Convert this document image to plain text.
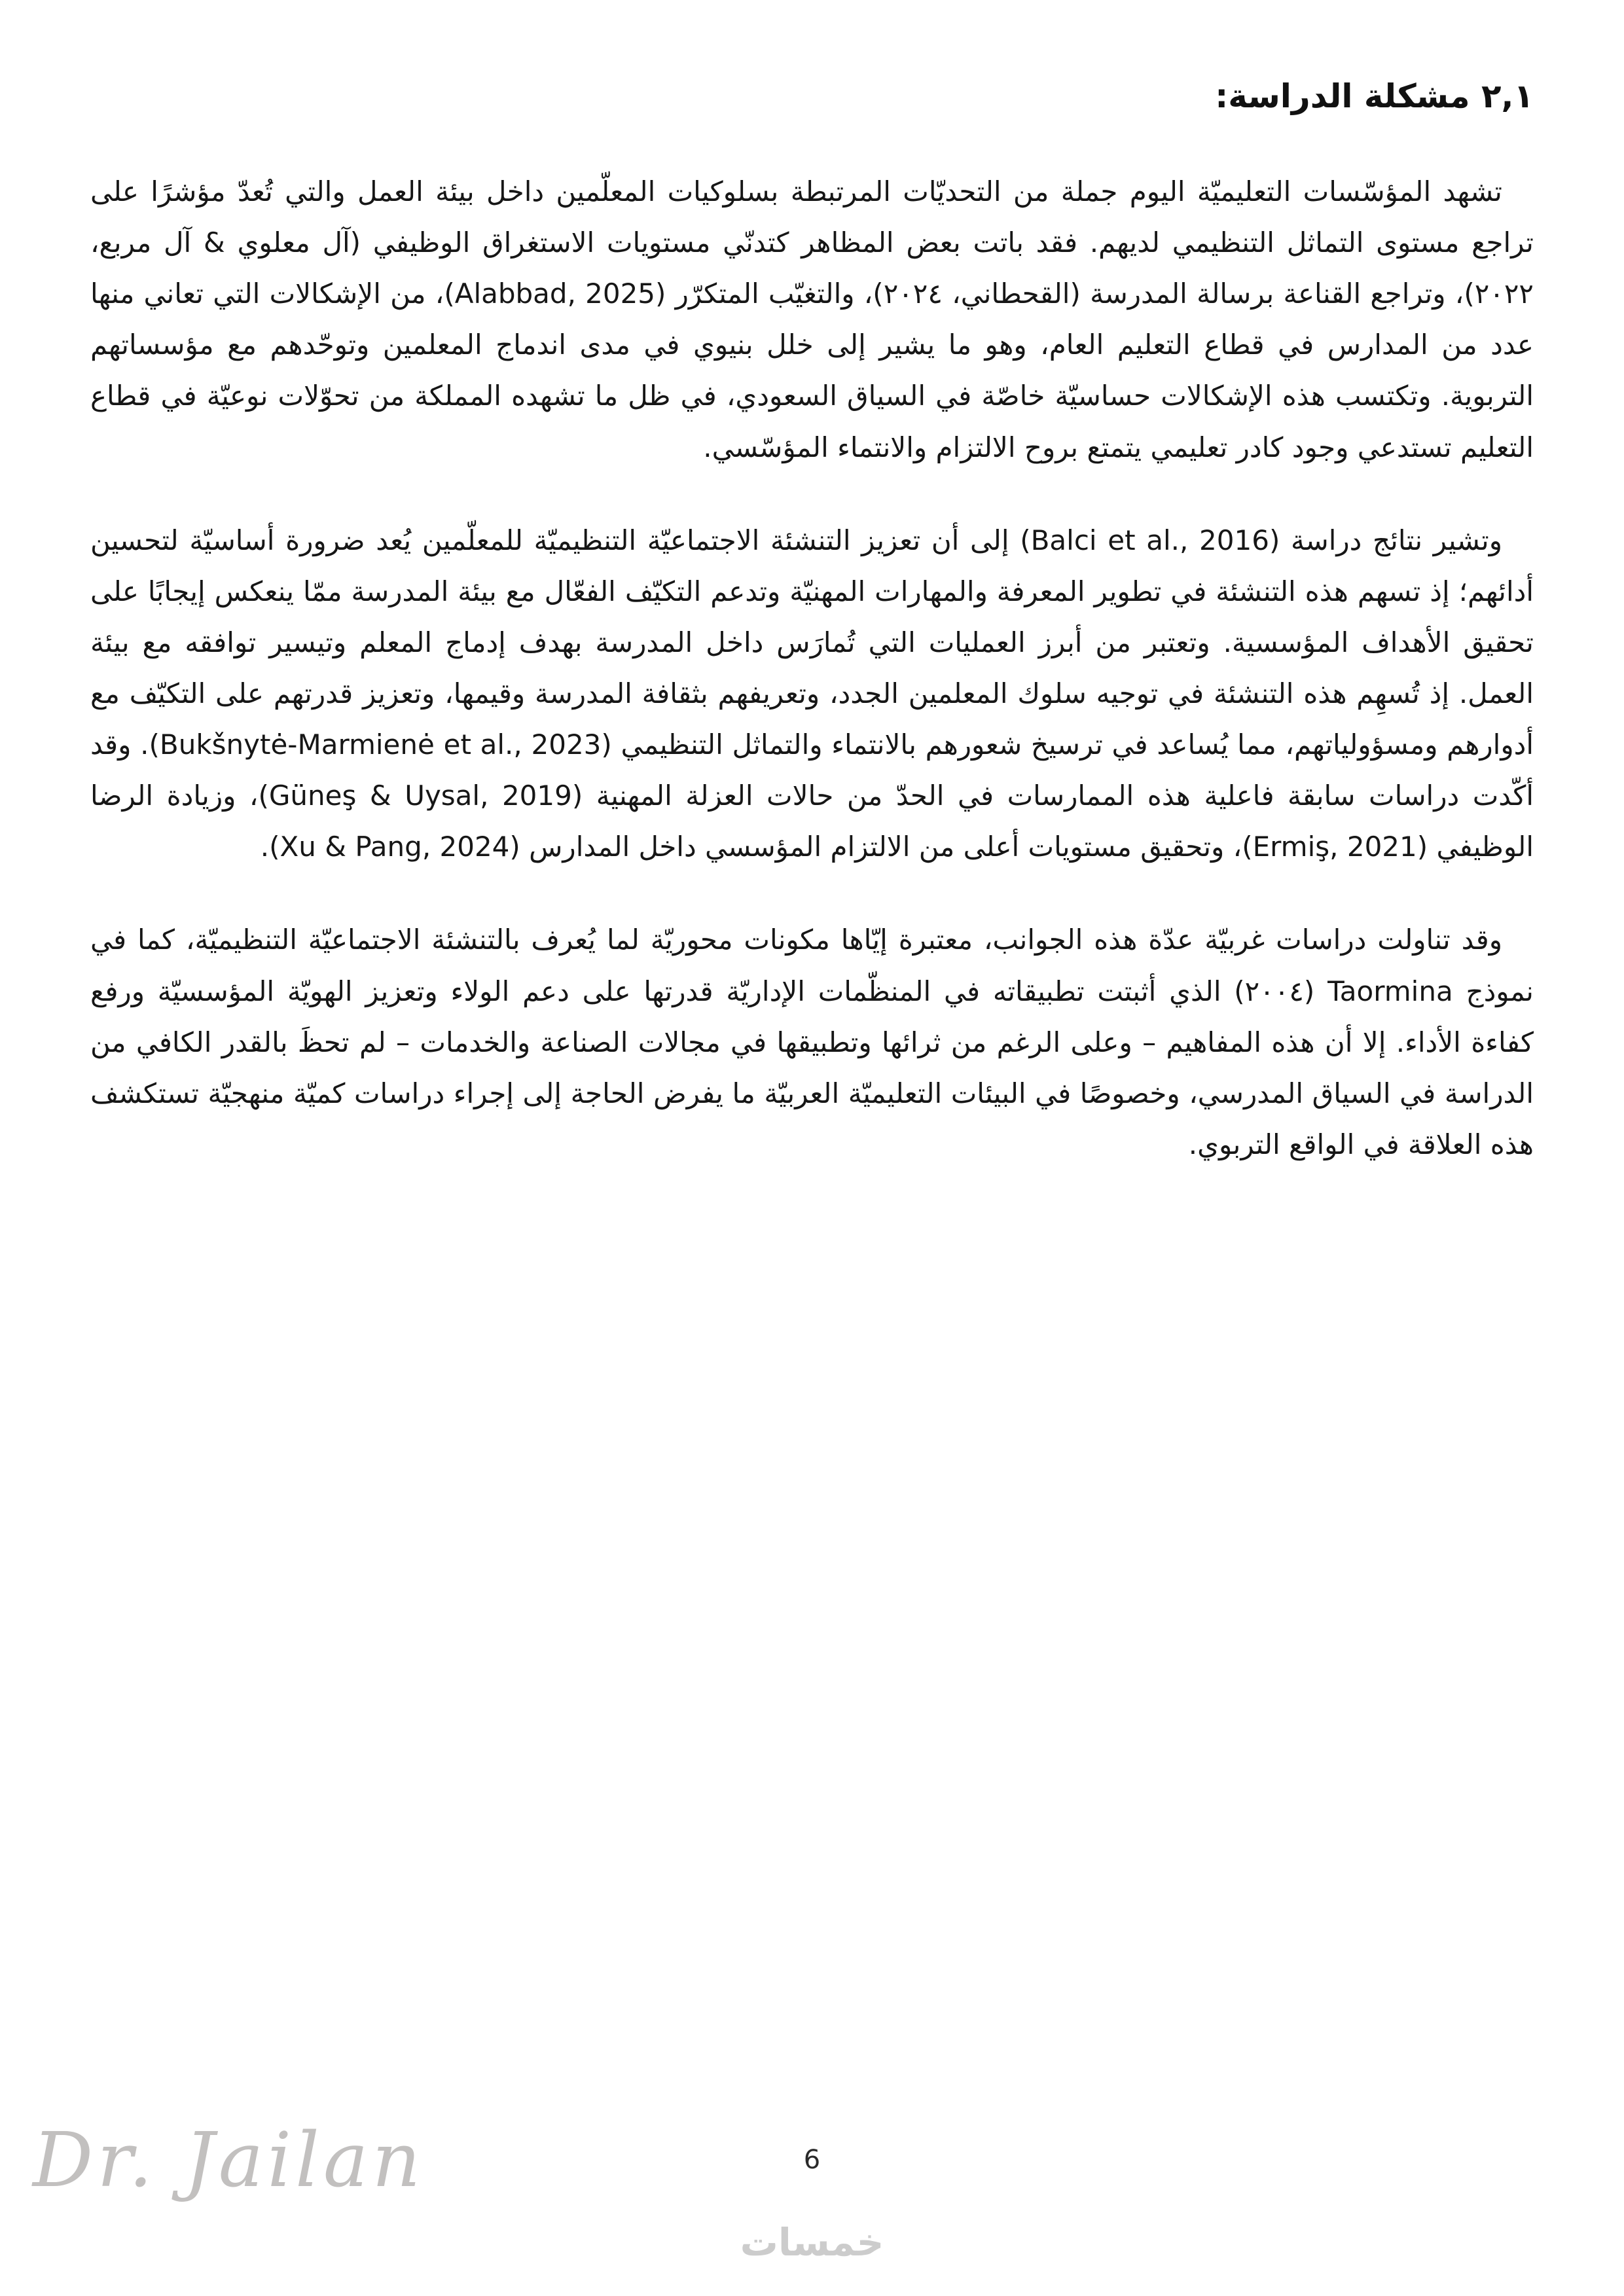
٢,١ مشكلة الدراسة:

تشهد المؤسّسات التعليميّة اليوم جملة من التحديّات المرتبطة بسلوكيات المعلّمين داخل بيئة العمل والتي تُعدّ مؤشرًا على تراجع مستوى التماثل التنظيمي لديهم. فقد باتت بعض المظاهر كتدنّي مستويات الاستغراق الوظيفي (آل معلوي & آل مربع، ٢٠٢٢)، وتراجع القناعة برسالة المدرسة (القحطاني، ٢٠٢٤)، والتغيّب المتكرّر (Alabbad, 2025)، من الإشكالات التي تعاني منها عدد من المدارس في قطاع التعليم العام، وهو ما يشير إلى خلل بنيوي في مدى اندماج المعلمين وتوحّدهم مع مؤسساتهم التربوية. وتكتسب هذه الإشكالات حساسيّة خاصّة في السياق السعودي، في ظل ما تشهده المملكة من تحوّلات نوعيّة في قطاع التعليم تستدعي وجود كادر تعليمي يتمتع بروح الالتزام والانتماء المؤسّسي.

وتشير نتائج دراسة (Balci et al., 2016) إلى أن تعزيز التنشئة الاجتماعيّة التنظيميّة للمعلّمين يُعد ضرورة أساسيّة لتحسين أدائهم؛ إذ تسهم هذه التنشئة في تطوير المعرفة والمهارات المهنيّة وتدعم التكيّف الفعّال مع بيئة المدرسة ممّا ينعكس إيجابًا على تحقيق الأهداف المؤسسية. وتعتبر من أبرز العمليات التي تُمارَس داخل المدرسة بهدف إدماج المعلم وتيسير توافقه مع بيئة العمل. إذ تُسهِم هذه التنشئة في توجيه سلوك المعلمين الجدد، وتعريفهم بثقافة المدرسة وقيمها، وتعزيز قدرتهم على التكيّف مع أدوارهم ومسؤولياتهم، مما يُساعد في ترسيخ شعورهم بالانتماء والتماثل التنظيمي (Bukšnytė-Marmienė et al., 2023). وقد أكّدت دراسات سابقة فاعلية هذه الممارسات في الحدّ من حالات العزلة المهنية (Güneş & Uysal, 2019)، وزيادة الرضا الوظيفي (Ermiş, 2021)، وتحقيق مستويات أعلى من الالتزام المؤسسي داخل المدارس (Xu & Pang, 2024).

وقد تناولت دراسات غربيّة عدّة هذه الجوانب، معتبرة إيّاها مكونات محوريّة لما يُعرف بالتنشئة الاجتماعيّة التنظيميّة، كما في نموذج Taormina (٢٠٠٤) الذي أثبتت تطبيقاته في المنظّمات الإداريّة قدرتها على دعم الولاء وتعزيز الهويّة المؤسسيّة ورفع كفاءة الأداء. إلا أن هذه المفاهيم – وعلى الرغم من ثرائها وتطبيقها في مجالات الصناعة والخدمات – لم تحظَ بالقدر الكافي من الدراسة في السياق المدرسي، وخصوصًا في البيئات التعليميّة العربيّة ما يفرض الحاجة إلى إجراء دراسات كميّة منهجيّة تستكشف هذه العلاقة في الواقع التربوي.

Dr. Jailan	6
خمسات
